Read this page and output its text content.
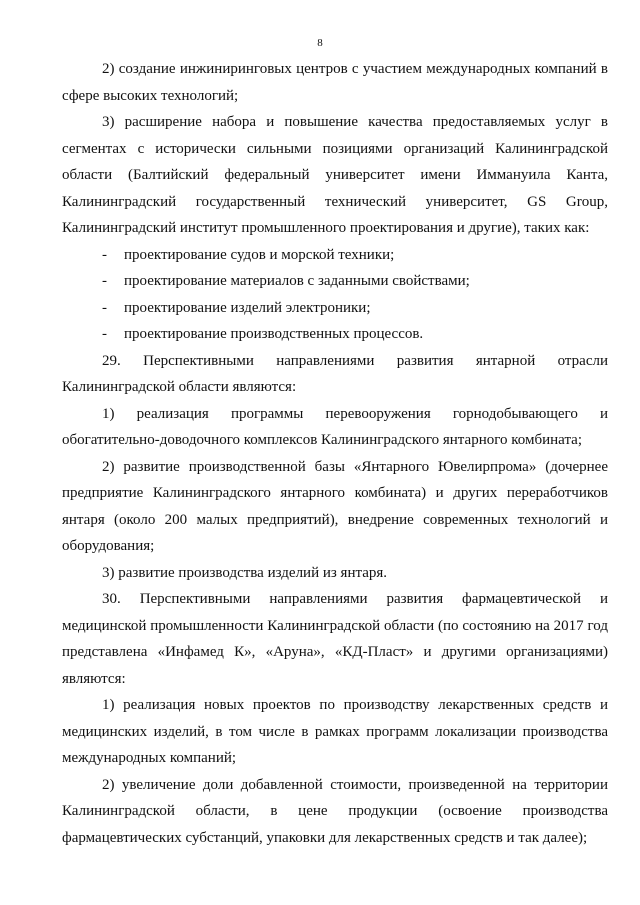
8

2) создание инжиниринговых центров с участием международных компаний в сфере высоких технологий;

3) расширение набора и повышение качества предоставляемых услуг в сегментах с исторически сильными позициями организаций Калининградской области (Балтийский федеральный университет имени Иммануила Канта, Калининградский государственный технический университет, GS Group, Калининградский институт промышленного проектирования и другие), таких как:

- проектирование судов и морской техники;
- проектирование материалов с заданными свойствами;
- проектирование изделий электроники;
- проектирование производственных процессов.

29. Перспективными направлениями развития янтарной отрасли Калининградской области являются:

1) реализация программы перевооружения горнодобывающего и обогатительно-доводочного комплексов Калининградского янтарного комбината;

2) развитие производственной базы «Янтарного Ювелирпрома» (дочернее предприятие Калининградского янтарного комбината) и других переработчиков янтаря (около 200 малых предприятий), внедрение современных технологий и оборудования;

3) развитие производства изделий из янтаря.

30. Перспективными направлениями развития фармацевтической и медицинской промышленности Калининградской области (по состоянию на 2017 год представлена «Инфамед К», «Аруна», «КД-Пласт» и другими организациями) являются:

1) реализация новых проектов по производству лекарственных средств и медицинских изделий, в том числе в рамках программ локализации производства международных компаний;

2) увеличение доли добавленной стоимости, произведенной на территории Калининградской области, в цене продукции (освоение производства фармацевтических субстанций, упаковки для лекарственных средств и так далее);
